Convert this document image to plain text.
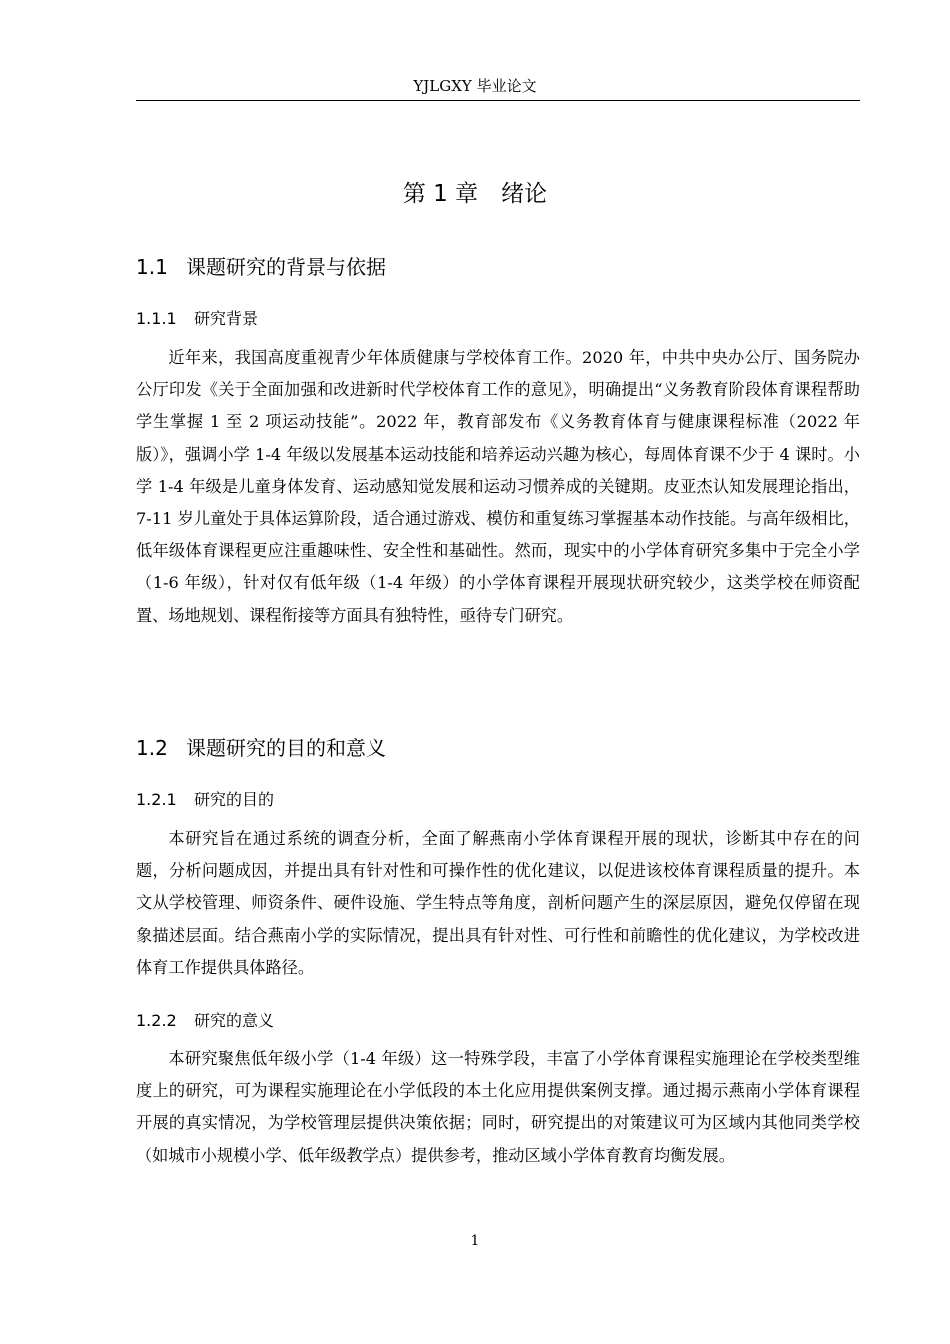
YJLGXY 毕业论文
第 1 章　绪论
1.1 课题研究的背景与依据
1.1.1 研究背景

近年来，我国高度重视青少年体质健康与学校体育工作。2020 年，中共中央办公厅、国务院办公厅印发《关于全面加强和改进新时代学校体育工作的意见》，明确提出“义务教育阶段体育课程帮助学生掌握 1 至 2 项运动技能”。2022 年，教育部发布《义务教育体育与健康课程标准（2022 年版）》，强调小学 1-4 年级以发展基本运动技能和培养运动兴趣为核心，每周体育课不少于 4 课时。小学 1-4 年级是儿童身体发育、运动感知觉发展和运动习惯养成的关键期。皮亚杰认知发展理论指出，7-11 岁儿童处于具体运算阶段，适合通过游戏、模仿和重复练习掌握基本动作技能。与高年级相比，低年级体育课程更应注重趣味性、安全性和基础性。然而，现实中的小学体育研究多集中于完全小学（1-6 年级），针对仅有低年级（1-4 年级）的小学体育课程开展现状研究较少，这类学校在师资配置、场地规划、课程衔接等方面具有独特性，亟待专门研究。

1.2 课题研究的目的和意义
1.2.1 研究的目的

本研究旨在通过系统的调查分析，全面了解燕南小学体育课程开展的现状，诊断其中存在的问题，分析问题成因，并提出具有针对性和可操作性的优化建议，以促进该校体育课程质量的提升。本文从学校管理、师资条件、硬件设施、学生特点等角度，剖析问题产生的深层原因，避免仅停留在现象描述层面。结合燕南小学的实际情况，提出具有针对性、可行性和前瞻性的优化建议，为学校改进体育工作提供具体路径。

1.2.2 研究的意义

本研究聚焦低年级小学（1-4 年级）这一特殊学段，丰富了小学体育课程实施理论在学校类型维度上的研究，可为课程实施理论在小学低段的本土化应用提供案例支撑。通过揭示燕南小学体育课程开展的真实情况，为学校管理层提供决策依据；同时，研究提出的对策建议可为区域内其他同类学校（如城市小规模小学、低年级教学点）提供参考，推动区域小学体育教育均衡发展。

1
